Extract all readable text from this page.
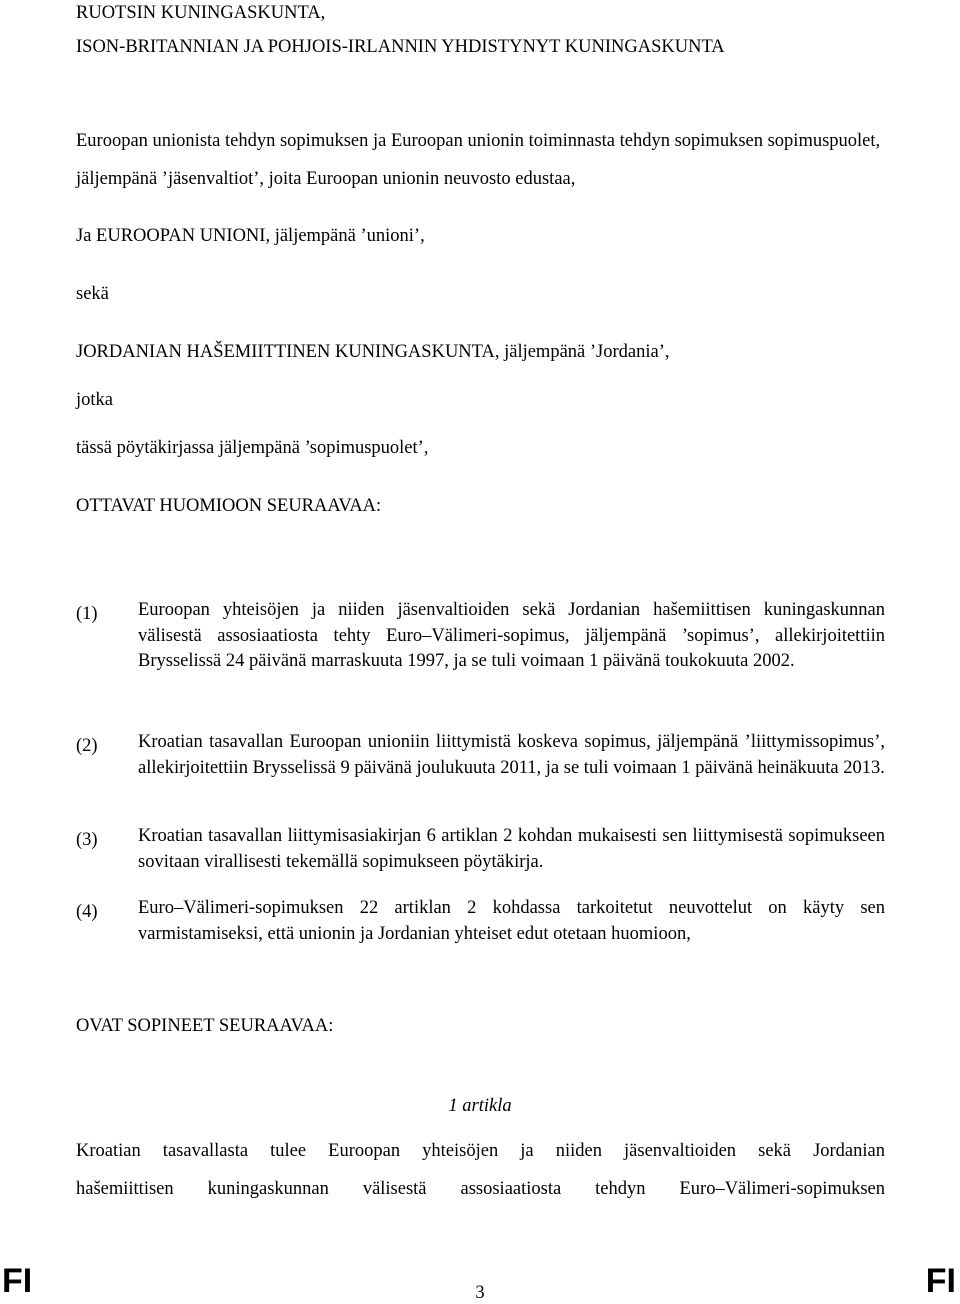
RUOTSIN KUNINGASKUNTA,
ISON-BRITANNIAN JA POHJOIS-IRLANNIN YHDISTYNYT KUNINGASKUNTA
Euroopan unionista tehdyn sopimuksen ja Euroopan unionin toiminnasta tehdyn sopimuksen sopimuspuolet, jäljempänä ’jäsenvaltiot’, joita Euroopan unionin neuvosto edustaa,
Ja EUROOPAN UNIONI, jäljempänä ’unioni’,
sekä
JORDANIAN HAŠEMIITTINEN KUNINGASKUNTA, jäljempänä ’Jordania’,
jotka
tässä pöytäkirjassa jäljempänä ’sopimuspuolet’,
OTTAVAT HUOMIOON SEURAAVAA:
(1) Euroopan yhteisöjen ja niiden jäsenvaltioiden sekä Jordanian hašemiittisen kuningaskunnan välisestä assosiaatiosta tehty Euro–Välimeri-sopimus, jäljempänä ’sopimus’, allekirjoitettiin Brysselissä 24 päivänä marraskuuta 1997, ja se tuli voimaan 1 päivänä toukokuuta 2002.
(2) Kroatian tasavallan Euroopan unioniin liittymistä koskeva sopimus, jäljempänä ’liittymissopimus’, allekirjoitettiin Brysselissä 9 päivänä joulukuuta 2011, ja se tuli voimaan 1 päivänä heinäkuuta 2013.
(3) Kroatian tasavallan liittymisasiakirjan 6 artiklan 2 kohdan mukaisesti sen liittymisestä sopimukseen sovitaan virallisesti tekemällä sopimukseen pöytäkirja.
(4) Euro–Välimeri-sopimuksen 22 artiklan 2 kohdassa tarkoitetut neuvottelut on käyty sen varmistamiseksi, että unionin ja Jordanian yhteiset edut otetaan huomioon,
OVAT SOPINEET SEURAAVAA:
1 artikla
Kroatian tasavallasta tulee Euroopan yhteisöjen ja niiden jäsenvaltioiden sekä Jordanian
hašemiittisen kuningaskunnan välisestä assosiaatiosta tehdyn Euro–Välimeri-sopimuksen
FI	3	FI
